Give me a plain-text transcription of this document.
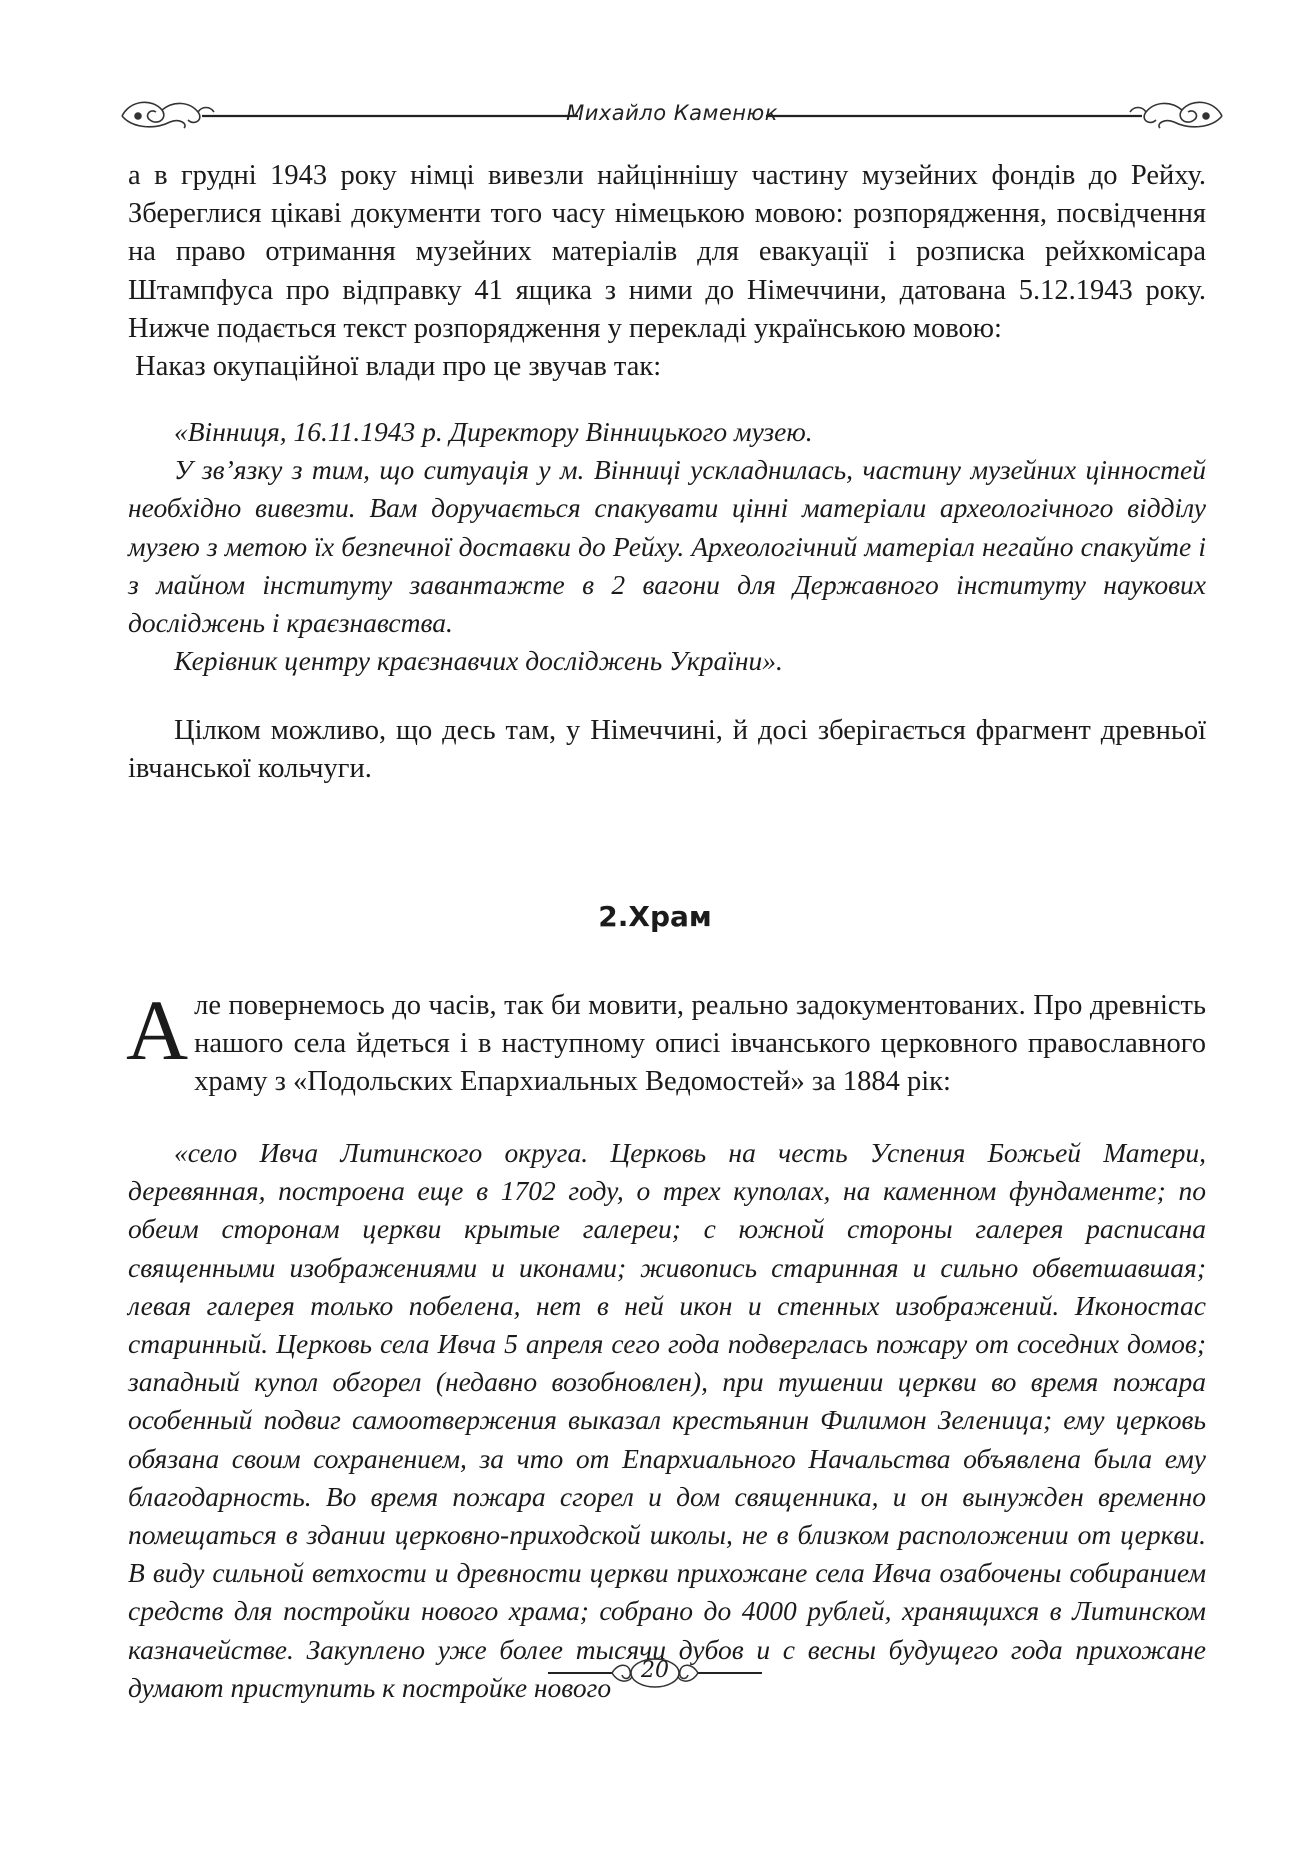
Михайло Каменюк

а в грудні 1943 року німці вивезли найціннішу частину музейних фондів до Рейху. Збереглися цікаві документи того часу німецькою мовою: розпорядження, посвідчення на право отримання музейних матеріалів для евакуації і розписка рейхкомісара Штампфуса про відправку 41 ящика з ними до Німеччини, датована 5.12.1943 року. Нижче подається текст розпорядження у перекладі українською мовою:

Наказ окупаційної влади про це звучав так:

«Вінниця, 16.11.1943 р. Директору Вінницького музею.

У зв’язку з тим, що ситуація у м. Вінниці ускладнилась, частину музейних цінностей необхідно вивезти. Вам доручається спакувати цінні матеріали археологічного відділу музею з метою їх безпечної доставки до Рейху. Археологічний матеріал негайно спакуйте і з майном інституту завантажте в 2 вагони для Державного інституту наукових досліджень і краєзнавства.

Керівник центру краєзнавчих досліджень України».

Цілком можливо, що десь там, у Німеччині, й досі зберігається фрагмент древньої івчанської кольчуги.

2.Храм
А ле повернемось до часів, так би мовити, реально задокументованих. Про древність нашого села йдеться і в наступному описі івчанського церковного православного храму з «Подольских Епархиальных Ведомостей» за 1884 рік:

«село Ивча Литинского округа. Церковь на честь Успения Божьей Матери, деревянная, построена еще в 1702 году, о трех куполах, на каменном фундаменте; по обеим сторонам церкви крытые галереи; с южной стороны галерея расписана священными изображениями и иконами; живопись старинная и сильно обветшавшая; левая галерея только побелена, нет в ней икон и стенных изображений. Иконостас старинный. Церковь села Ивча 5 апреля сего года подверглась пожару от соседних домов; западный купол обгорел (недавно возобновлен), при тушении церкви во время пожара особенный подвиг самоотвержения выказал крестьянин Филимон Зеленица; ему церковь обязана своим сохранением, за что от Епархиального Начальства объявлена была ему благодарность. Во время пожара сгорел и дом священника, и он вынужден временно помещаться в здании церковно-приходской школы, не в близком расположении от церкви. В виду сильной ветхости и древности церкви прихожане села Ивча озабочены собиранием средств для постройки нового храма; собрано до 4000 рублей, хранящихся в Литинском казначействе. Закуплено уже более тысячи дубов и с весны будущего года прихожане думают приступить к постройке нового

20
